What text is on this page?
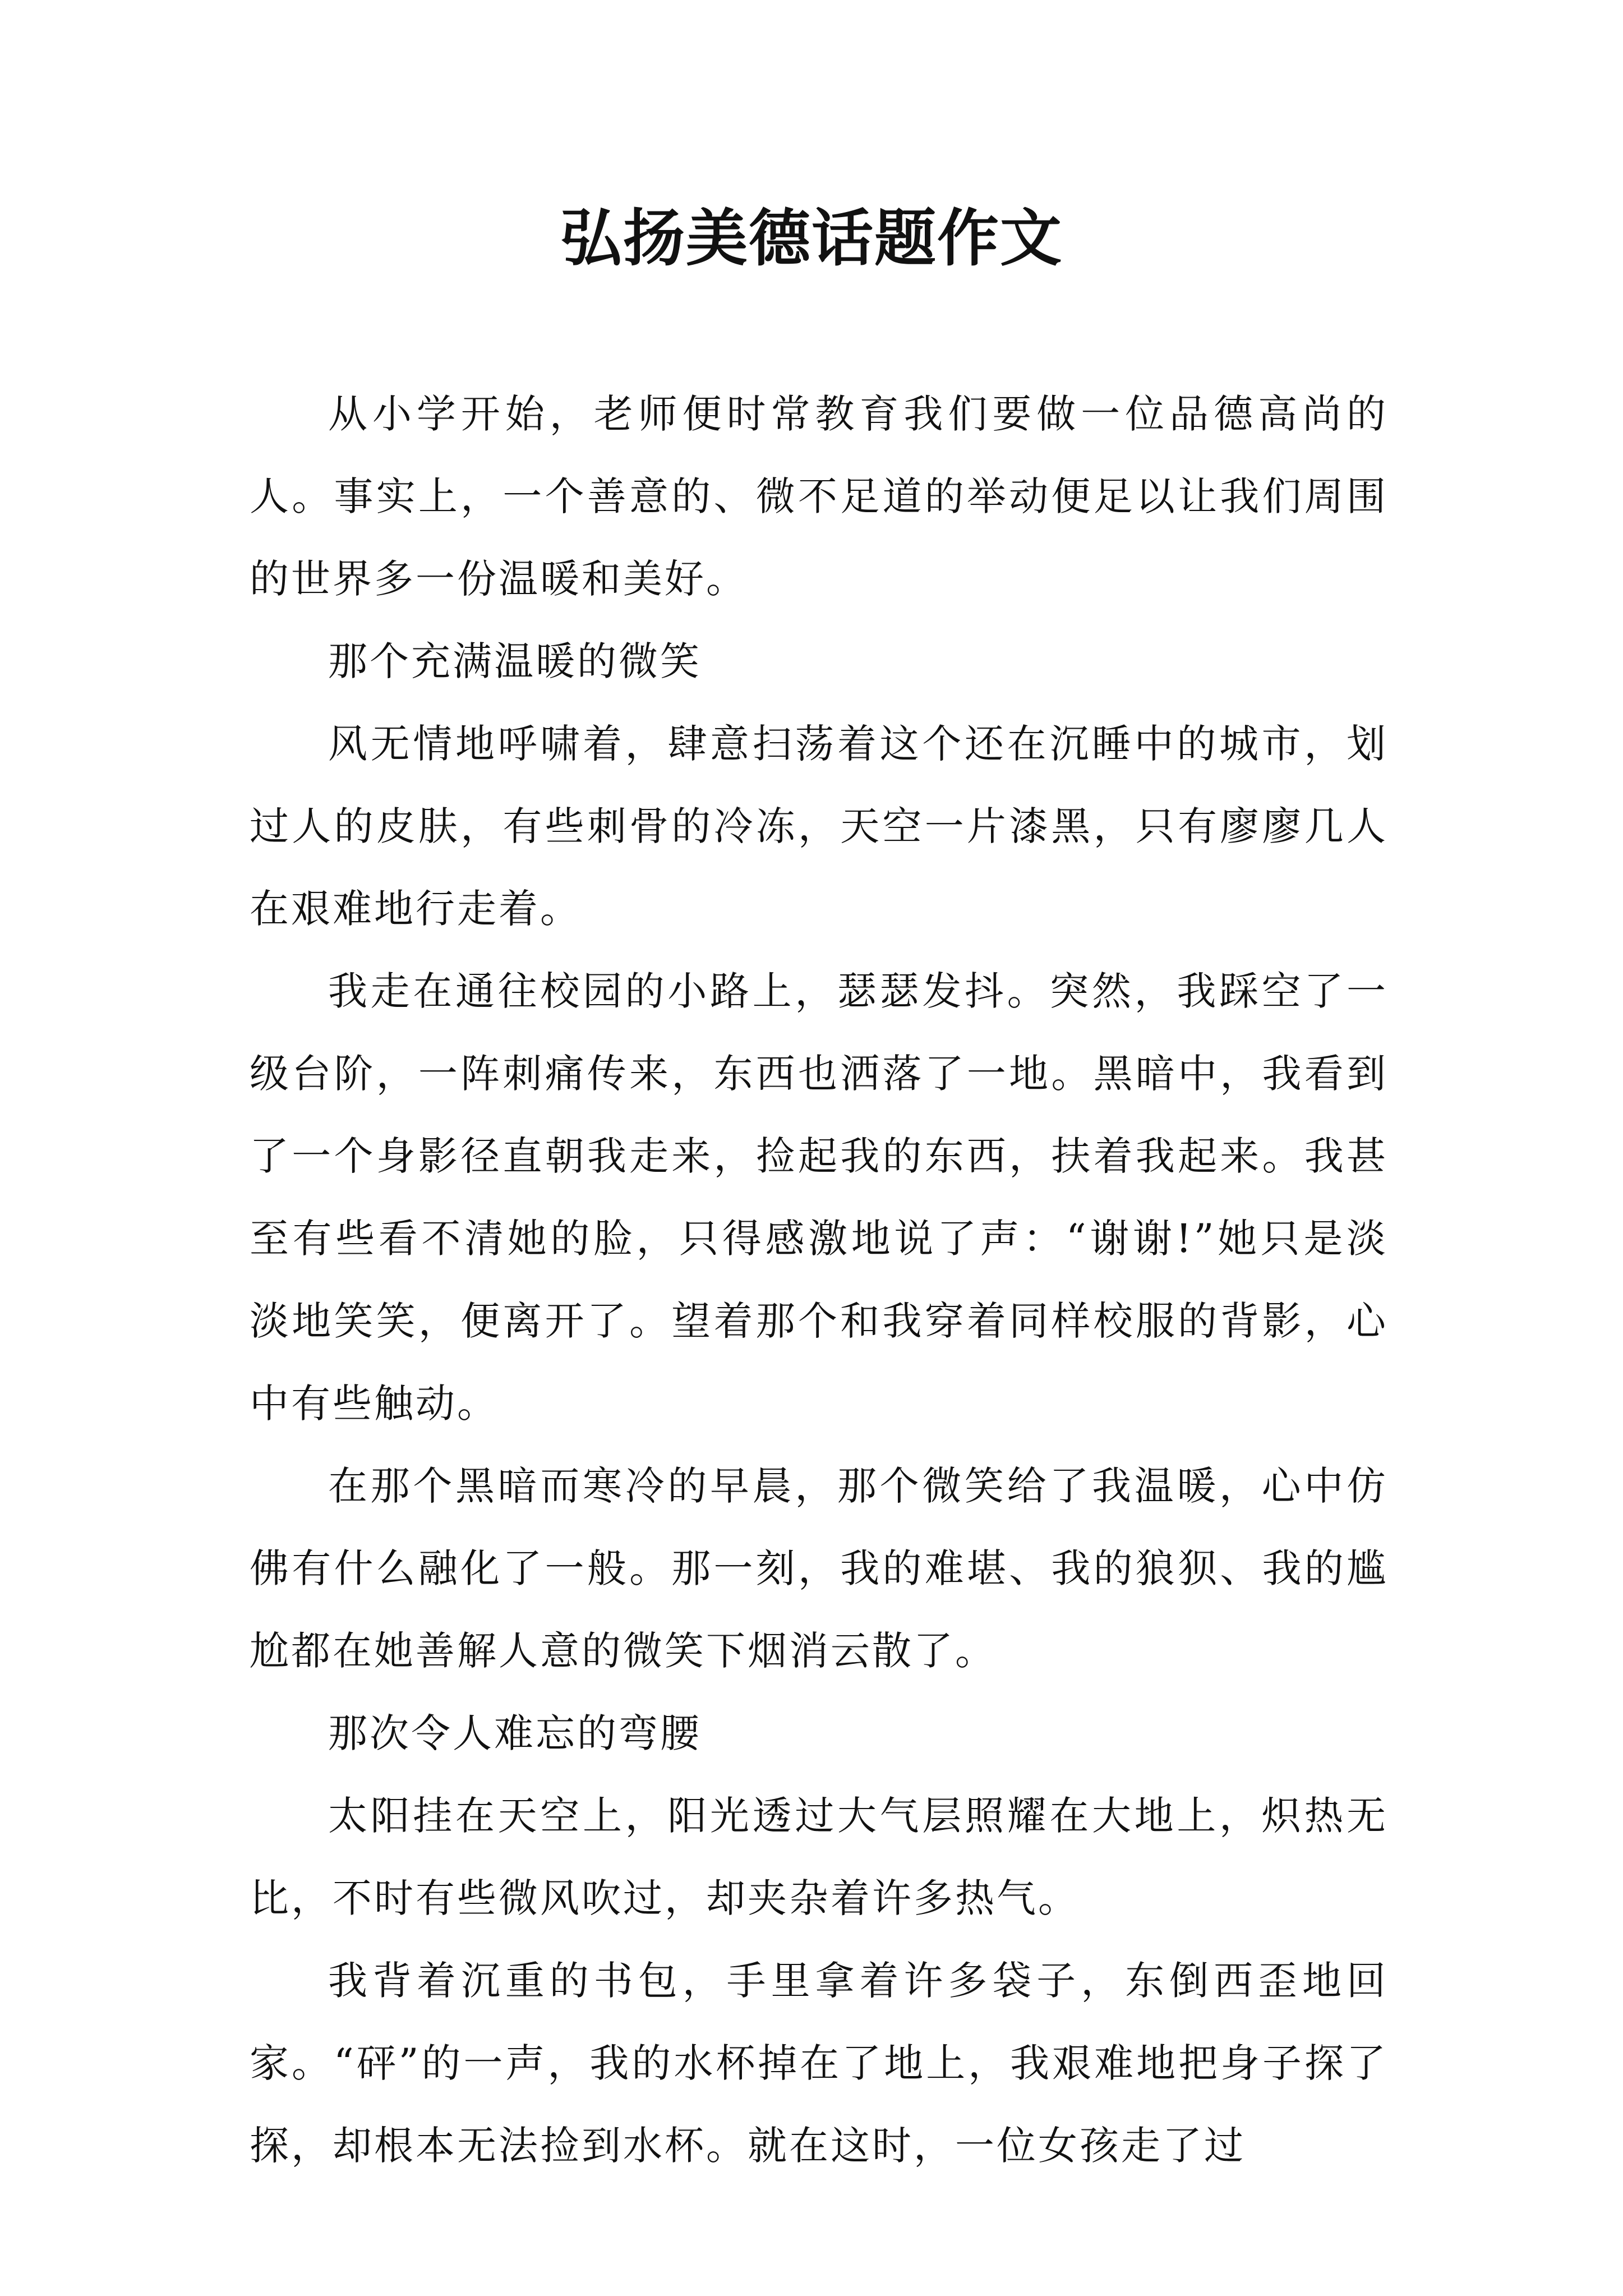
弘扬美德话题作文

从小学开始，老师便时常教育我们要做一位品德高尚的人。事实上，一个善意的、微不足道的举动便足以让我们周围的世界多一份温暖和美好。

那个充满温暖的微笑

风无情地呼啸着，肆意扫荡着这个还在沉睡中的城市，划过人的皮肤，有些刺骨的冷冻，天空一片漆黑，只有廖廖几人在艰难地行走着。

我走在通往校园的小路上，瑟瑟发抖。突然，我踩空了一级台阶，一阵刺痛传来，东西也洒落了一地。黑暗中，我看到了一个身影径直朝我走来，捡起我的东西，扶着我起来。我甚至有些看不清她的脸，只得感激地说了声：“谢谢!”她只是淡淡地笑笑，便离开了。望着那个和我穿着同样校服的背影，心中有些触动。

在那个黑暗而寒冷的早晨，那个微笑给了我温暖，心中仿佛有什么融化了一般。那一刻，我的难堪、我的狼狈、我的尴尬都在她善解人意的微笑下烟消云散了。

那次令人难忘的弯腰

太阳挂在天空上，阳光透过大气层照耀在大地上，炽热无比，不时有些微风吹过，却夹杂着许多热气。

我背着沉重的书包，手里拿着许多袋子，东倒西歪地回家。“砰”的一声，我的水杯掉在了地上，我艰难地把身子探了探，却根本无法捡到水杯。就在这时，一位女孩走了过
